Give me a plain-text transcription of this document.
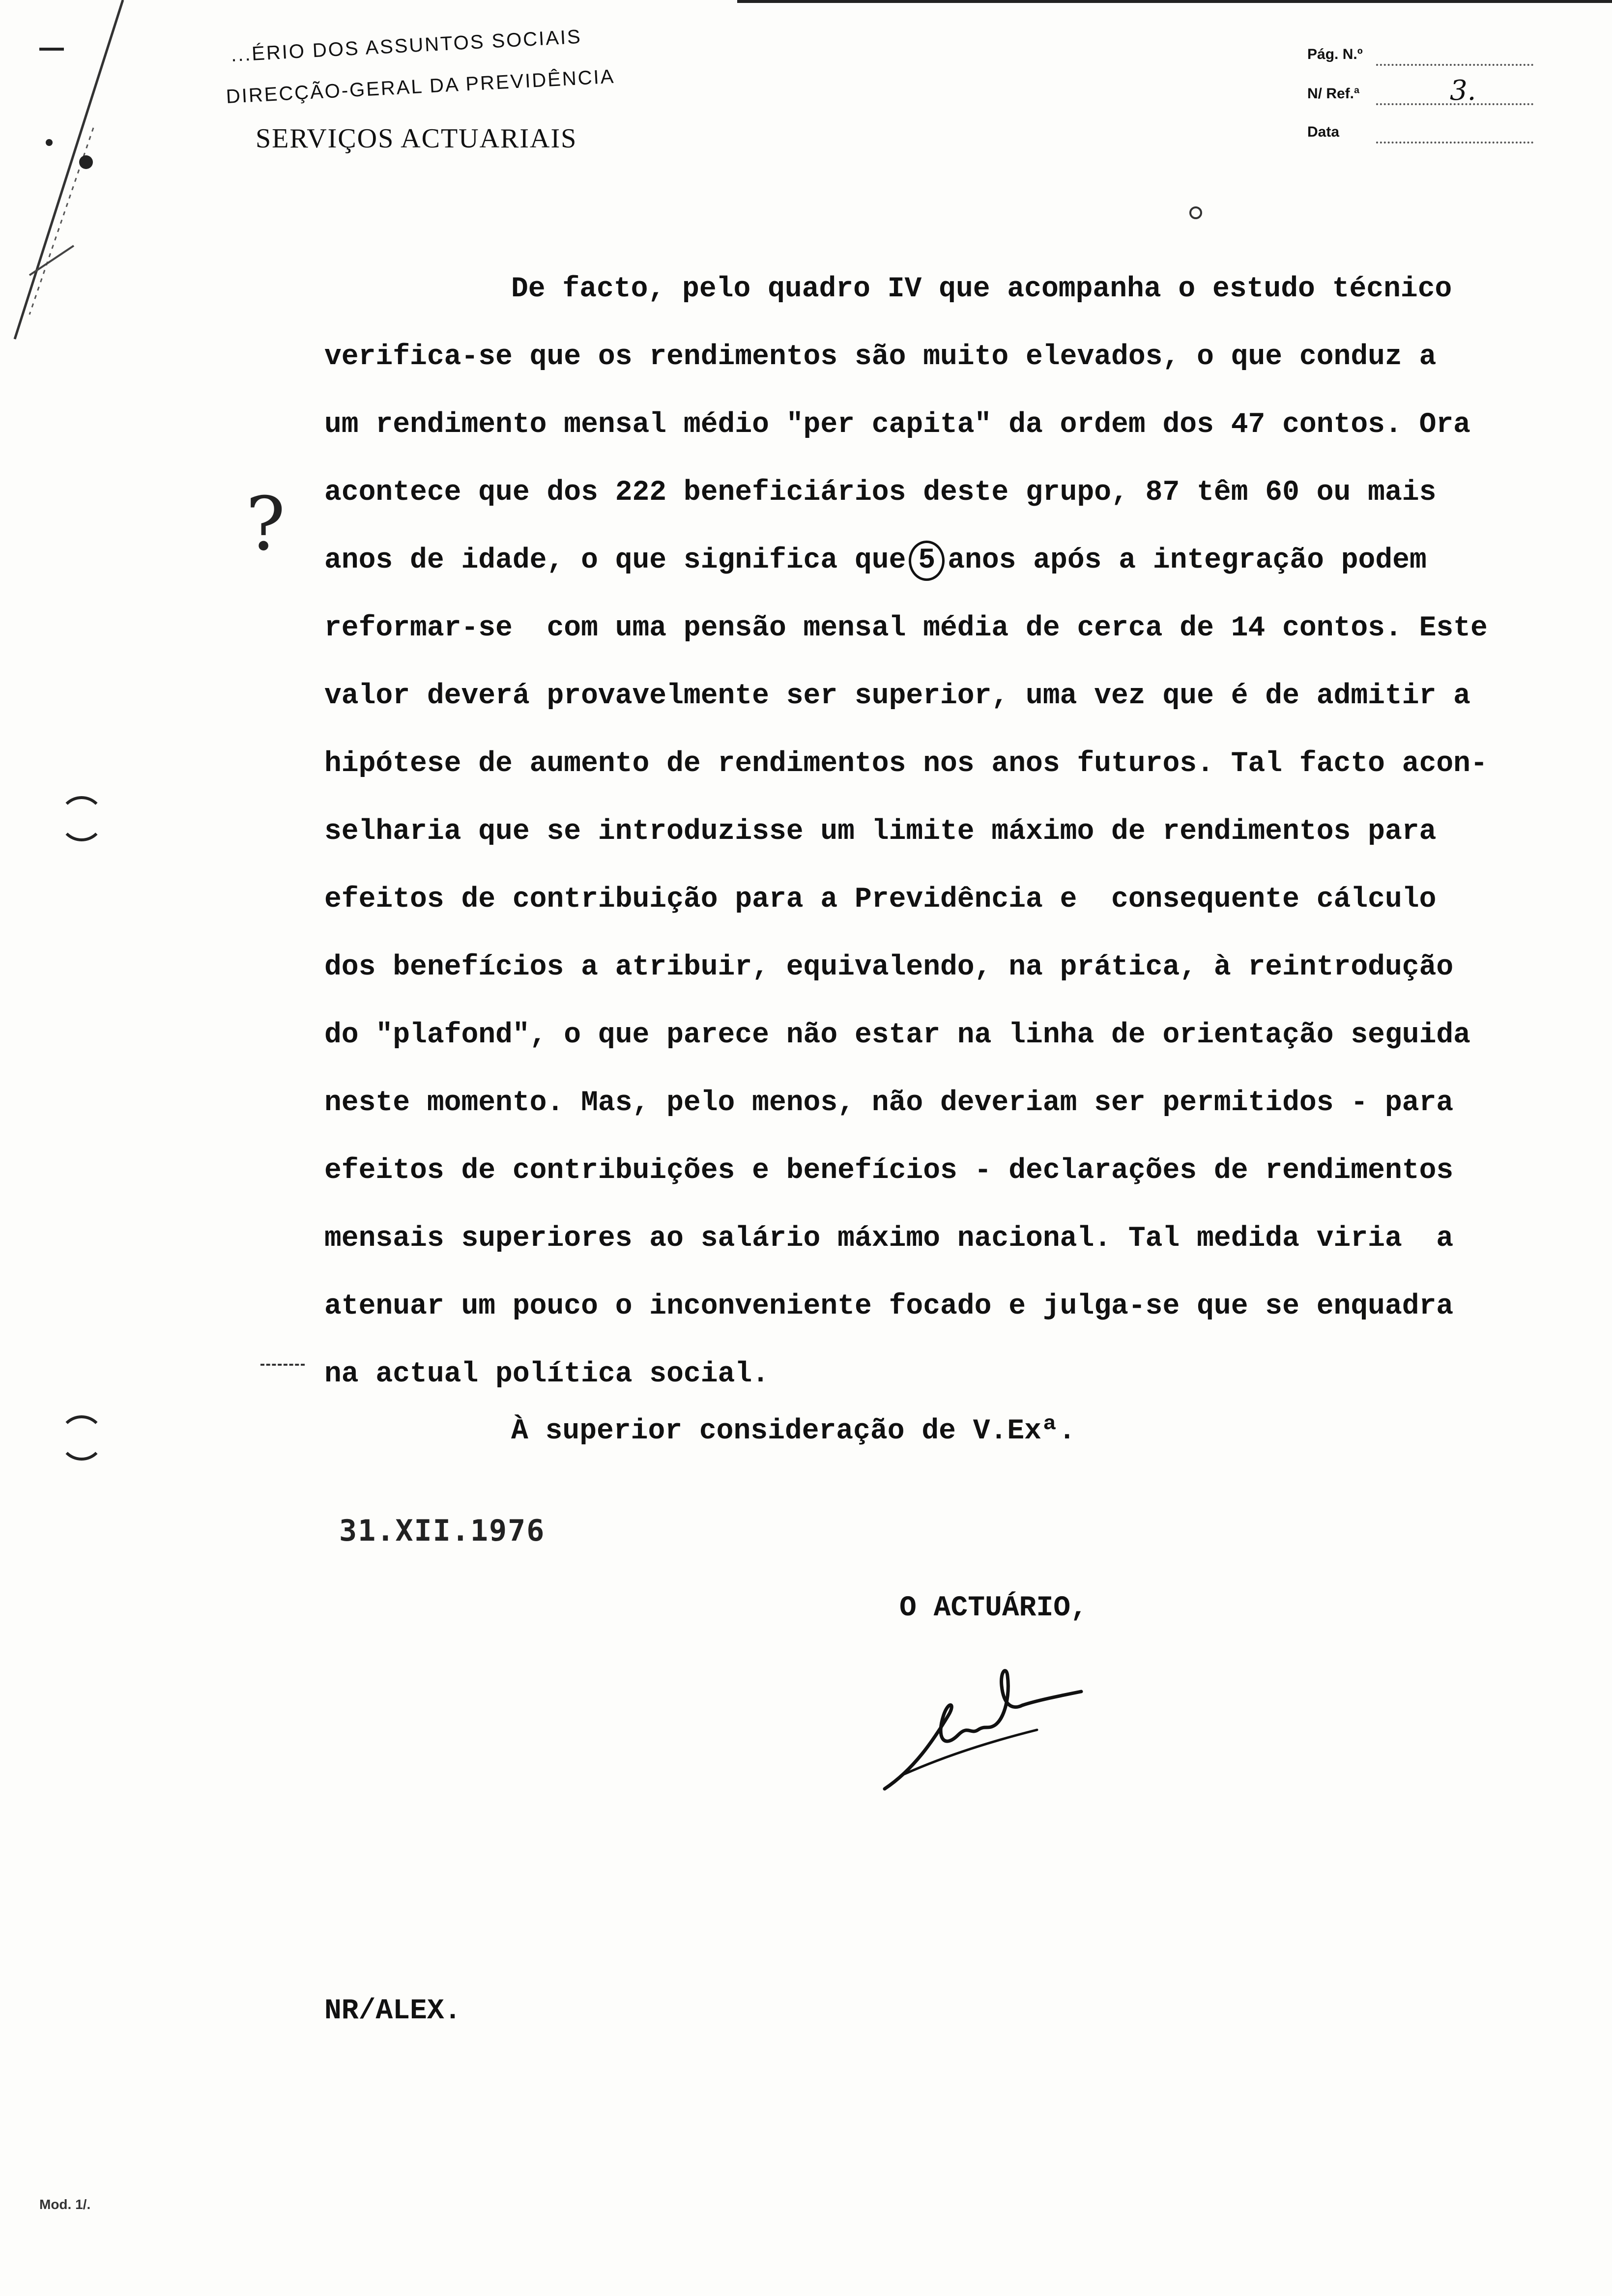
...ÉRIO DOS ASSUNTOS SOCIAIS
DIRECÇÃO-GERAL DA PREVIDÊNCIA
SERVIÇOS ACTUARIAIS
Pág. N.º
N/ Ref.ª	3.
Data
?
De facto, pelo quadro IV que acompanha o estudo técnico
verifica-se que os rendimentos são muito elevados, o que conduz a
um rendimento mensal médio "per capita" da ordem dos 47 contos. Ora
acontece que dos 222 beneficiários deste grupo, 87 têm 60 ou mais
anos de idade, o que significa que 5 anos após a integração podem
reformar-se  com uma pensão mensal média de cerca de 14 contos. Este
valor deverá provavelmente ser superior, uma vez que é de admitir a
hipótese de aumento de rendimentos nos anos futuros. Tal facto acon-
selharia que se introduzisse um limite máximo de rendimentos para
efeitos de contribuição para a Previdência e  consequente cálculo
dos benefícios a atribuir, equivalendo, na prática, à reintrodução
do "plafond", o que parece não estar na linha de orientação seguida
neste momento. Mas, pelo menos, não deveriam ser permitidos - para
efeitos de contribuições e benefícios - declarações de rendimentos
mensais superiores ao salário máximo nacional. Tal medida viria  a
atenuar um pouco o inconveniente focado e julga-se que se enquadra
na actual política social.
À superior consideração de V.Exª.
31.XII.1976
O ACTUÁRIO,
NR/ALEX.
Mod. 1/.
